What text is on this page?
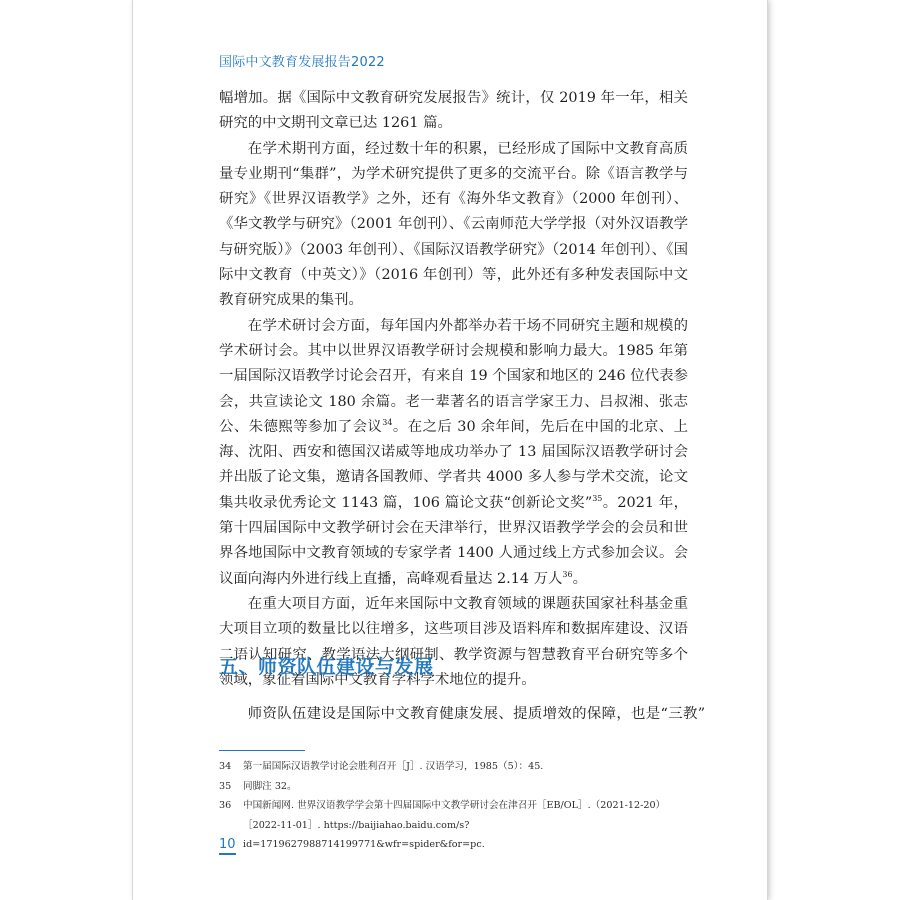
国际中文教育发展报告2022

幅增加。据《国际中文教育研究发展报告》统计，仅 2019 年一年，相关研究的中文期刊文章已达 1261 篇。

在学术期刊方面，经过数十年的积累，已经形成了国际中文教育高质量专业期刊“集群”，为学术研究提供了更多的交流平台。除《语言教学与研究》《世界汉语教学》之外，还有《海外华文教育》（2000 年创刊）、《华文教学与研究》（2001 年创刊）、《云南师范大学学报（对外汉语教学与研究版）》（2003 年创刊）、《国际汉语教学研究》（2014 年创刊）、《国际中文教育（中英文）》（2016 年创刊）等，此外还有多种发表国际中文教育研究成果的集刊。

在学术研讨会方面，每年国内外都举办若干场不同研究主题和规模的学术研讨会。其中以世界汉语教学研讨会规模和影响力最大。1985 年第一届国际汉语教学讨论会召开，有来自 19 个国家和地区的 246 位代表参会，共宣读论文 180 余篇。老一辈著名的语言学家王力、吕叔湘、张志公、朱德熙等参加了会议$^{34}$。在之后 30 余年间，先后在中国的北京、上海、沈阳、西安和德国汉诺威等地成功举办了 13 届国际汉语教学研讨会并出版了论文集，邀请各国教师、学者共 4000 多人参与学术交流，论文集共收录优秀论文 1143 篇，106 篇论文获“创新论文奖”$^{35}$。2021 年，第十四届国际中文教学研讨会在天津举行，世界汉语教学学会的会员和世界各地国际中文教育领域的专家学者 1400 人通过线上方式参加会议。会议面向海内外进行线上直播，高峰观看量达 2.14 万人$^{36}$。

在重大项目方面，近年来国际中文教育领域的课题获国家社科基金重大项目立项的数量比以往增多，这些项目涉及语料库和数据库建设、汉语二语认知研究、教学语法大纲研制、教学资源与智慧教育平台研究等多个领域，象征着国际中文教育学科学术地位的提升。

五、师资队伍建设与发展
师资队伍建设是国际中文教育健康发展、提质增效的保障，也是“三教”
34	第一届国际汉语教学讨论会胜利召开［J］. 汉语学习，1985（5）：45.
35	同脚注 32。
36	中国新闻网. 世界汉语教学学会第十四届国际中文教学研讨会在津召开［EB/OL］.（2021-12-20）［2022-11-01］. https://baijiahao.baidu.com/s?id=1719627988714199771&wfr=spider&for=pc.
10
